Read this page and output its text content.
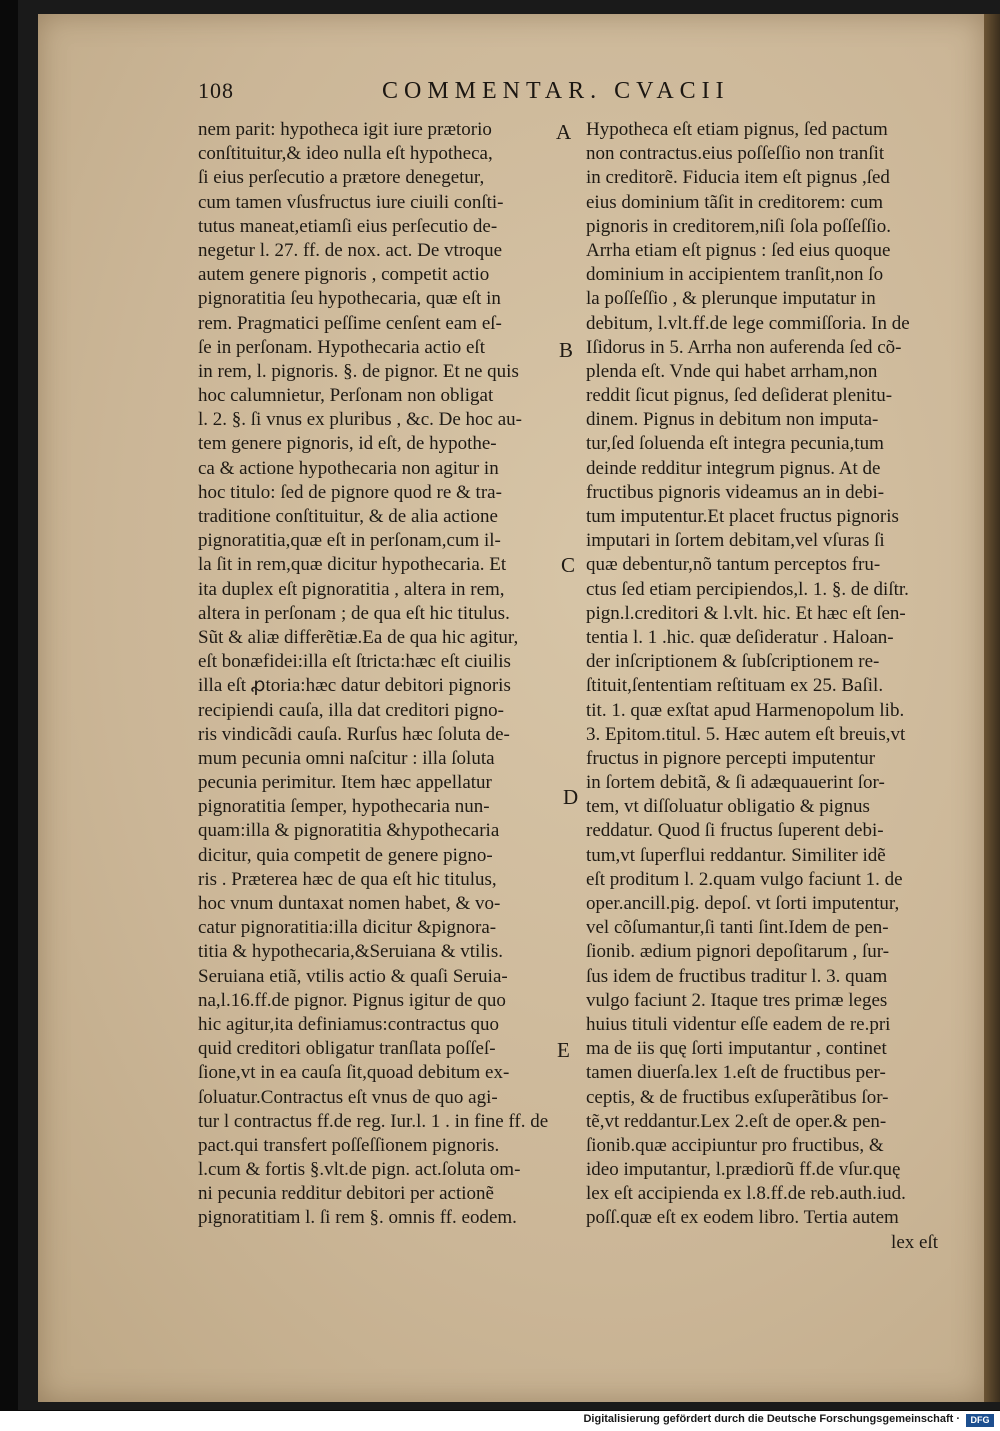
108	COMMENTAR. CVACII
nem parit: hypotheca igit iure prætorio
conſtituitur,& ideo nulla eſt hypotheca,
ſi eius perſecutio a prætore denegetur,
cum tamen vſusfructus iure ciuili conſti-
tutus maneat,etiamſi eius perſecutio de-
negetur l. 27. ff. de nox. act. De vtroque
autem genere pignoris , competit actio
pignoratitia ſeu hypothecaria, quæ eſt in
rem. Pragmatici peſſime cenſent eam eſ-
ſe in perſonam. Hypothecaria actio eſt
in rem, l. pignoris. §. de pignor. Et ne quis
hoc calumnietur, Perſonam non obligat
l. 2. §. ſi vnus ex pluribus , &c. De hoc au-
tem genere pignoris, id eſt, de hypothe-
ca & actione hypothecaria non agitur in
hoc titulo: ſed de pignore quod re & tra-
traditione conſtituitur, & de alia actione
pignoratitia,quæ eſt in perſonam,cum il-
la ſit in rem,quæ dicitur hypothecaria. Et
ita duplex eſt pignoratitia , altera in rem,
altera in perſonam ; de qua eſt hic titulus.
Sũt & aliæ differẽtiæ.Ea de qua hic agitur,
eſt bonæfidei:illa eſt ſtricta:hæc eſt ciuilis
illa eſt ꝓtoria:hæc datur debitori pignoris
recipiendi cauſa, illa dat creditori pigno-
ris vindicãdi cauſa. Rurſus hæc ſoluta de-
mum pecunia omni naſcitur : illa ſoluta
pecunia perimitur. Item hæc appellatur
pignoratitia ſemper, hypothecaria nun-
quam:illa & pignoratitia &hypothecaria
dicitur, quia competit de genere pigno-
ris . Præterea hæc de qua eſt hic titulus,
hoc vnum duntaxat nomen habet, & vo-
catur pignoratitia:illa dicitur &pignora-
titia & hypothecaria,&Seruiana & vtilis.
Seruiana etiã, vtilis actio & quaſi Seruia-
na,l.16.ff.de pignor. Pignus igitur de quo
hic agitur,ita definiamus:contractus quo
quid creditori obligatur tranſlata poſſeſ-
ſione,vt in ea cauſa ſit,quoad debitum ex-
ſoluatur.Contractus eſt vnus de quo agi-
tur l contractus ff.de reg. Iur.l. 1 . in fine ff. de
pact.qui transfert poſſeſſionem pignoris.
l.cum & fortis §.vlt.de pign. act.ſoluta om-
ni pecunia redditur debitori per actionẽ
pignoratitiam l. ſi rem §. omnis ff. eodem.
Hypotheca eſt etiam pignus, ſed pactum
non contractus.eius poſſeſſio non tranſit
in creditorẽ. Fiducia item eſt pignus ,ſed
eius dominium tãſit in creditorem: cum
pignoris in creditorem,niſi ſola poſſeſſio.
Arrha etiam eſt pignus : ſed eius quoque
dominium in accipientem tranſit,non ſo
la poſſeſſio , & plerunque imputatur in
debitum, l.vlt.ff.de lege commiſſoria. In de
Iſidorus in 5. Arrha non auferenda ſed cõ-
plenda eſt. Vnde qui habet arrham,non
reddit ſicut pignus, ſed deſiderat plenitu-
dinem. Pignus in debitum non imputa-
tur,ſed ſoluenda eſt integra pecunia,tum
deinde redditur integrum pignus. At de
fructibus pignoris videamus an in debi-
tum imputentur.Et placet fructus pignoris
imputari in ſortem debitam,vel vſuras ſi
quæ debentur,nõ tantum perceptos fru-
ctus ſed etiam percipiendos,l. 1. §. de diſtr.
pign.l.creditori & l.vlt. hic. Et hæc eſt ſen-
tentia l. 1 .hic. quæ deſideratur . Haloan-
der inſcriptionem & ſubſcriptionem re-
ſtituit,ſententiam reſtituam ex 25. Baſil.
tit. 1. quæ exſtat apud Harmenopolum lib.
3. Epitom.titul. 5. Hæc autem eſt breuis,vt
fructus in pignore percepti imputentur
in ſortem debitã, & ſi adæquauerint ſor-
tem, vt diſſoluatur obligatio & pignus
reddatur. Quod ſi fructus ſuperent debi-
tum,vt ſuperflui reddantur. Similiter idẽ
eſt proditum l. 2.quam vulgo faciunt 1. de
oper.ancill.pig. depoſ. vt ſorti imputentur,
vel cõſumantur,ſi tanti ſint.Idem de pen-
ſionib. ædium pignori depoſitarum , ſur-
ſus idem de fructibus traditur l. 3. quam
vulgo faciunt 2. Itaque tres primæ leges
huius tituli videntur eſſe eadem de re.pri
ma de iis quę ſorti imputantur , continet
tamen diuerſa.lex 1.eſt de fructibus per-
ceptis, & de fructibus exſuperãtibus ſor-
tẽ,vt reddantur.Lex 2.eſt de oper.& pen-
ſionib.quæ accipiuntur pro fructibus, &
ideo imputantur, l.prædiorũ ff.de vſur.quę
lex eſt accipienda ex l.8.ff.de reb.auth.iud.
poſſ.quæ eſt ex eodem libro. Tertia autem
lex eſt
A
B
C
D
E
Digitalisierung gefördert durch die Deutsche Forschungsgemeinschaft ·	DFG
